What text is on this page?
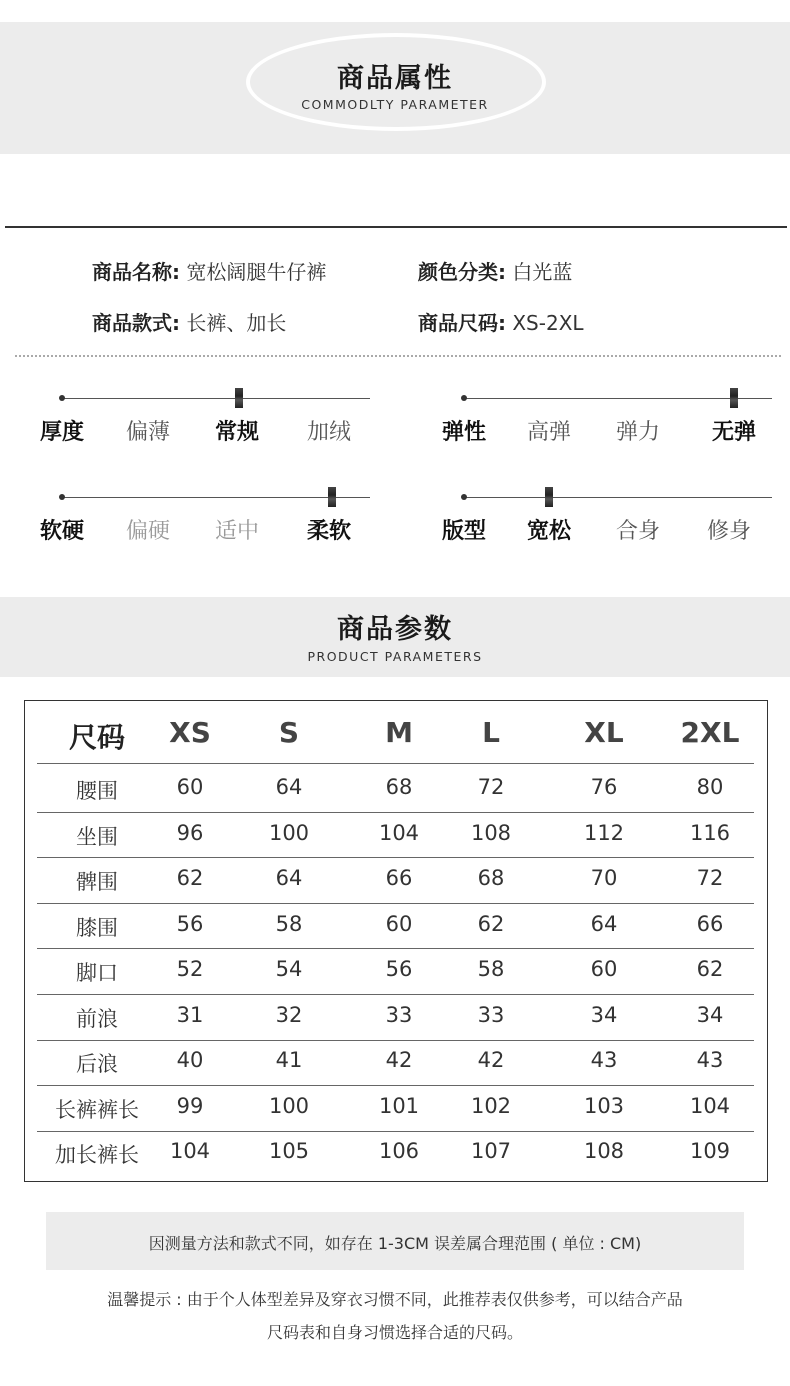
商品属性
COMMODLTY PARAMETER
商品名称: 宽松阔腿牛仔裤	颜色分类: 白光蓝
商品款式: 长裤、加长	商品尺码: XS-2XL
厚度 偏薄 常规 加绒	弹性 高弹 弹力 无弹
软硬 偏硬 适中 柔软	版型 宽松 合身 修身
商品参数
PRODUCT PARAMETERS
尺码	XS	S	M	L	XL	2XL
腰围	60	64	68	72	76	80
坐围	96	100	104	108	112	116
髀围	62	64	66	68	70	72
膝围	56	58	60	62	64	66
脚口	52	54	56	58	60	62
前浪	31	32	33	33	34	34
后浪	40	41	42	42	43	43
长裤裤长	99	100	101	102	103	104
加长裤长	104	105	106	107	108	109
因测量方法和款式不同，如存在 1-3CM 误差属合理范围 ( 单位 : CM)
温馨提示 : 由于个人体型差异及穿衣习惯不同，此推荐表仅供参考，可以结合产品
尺码表和自身习惯选择合适的尺码。
